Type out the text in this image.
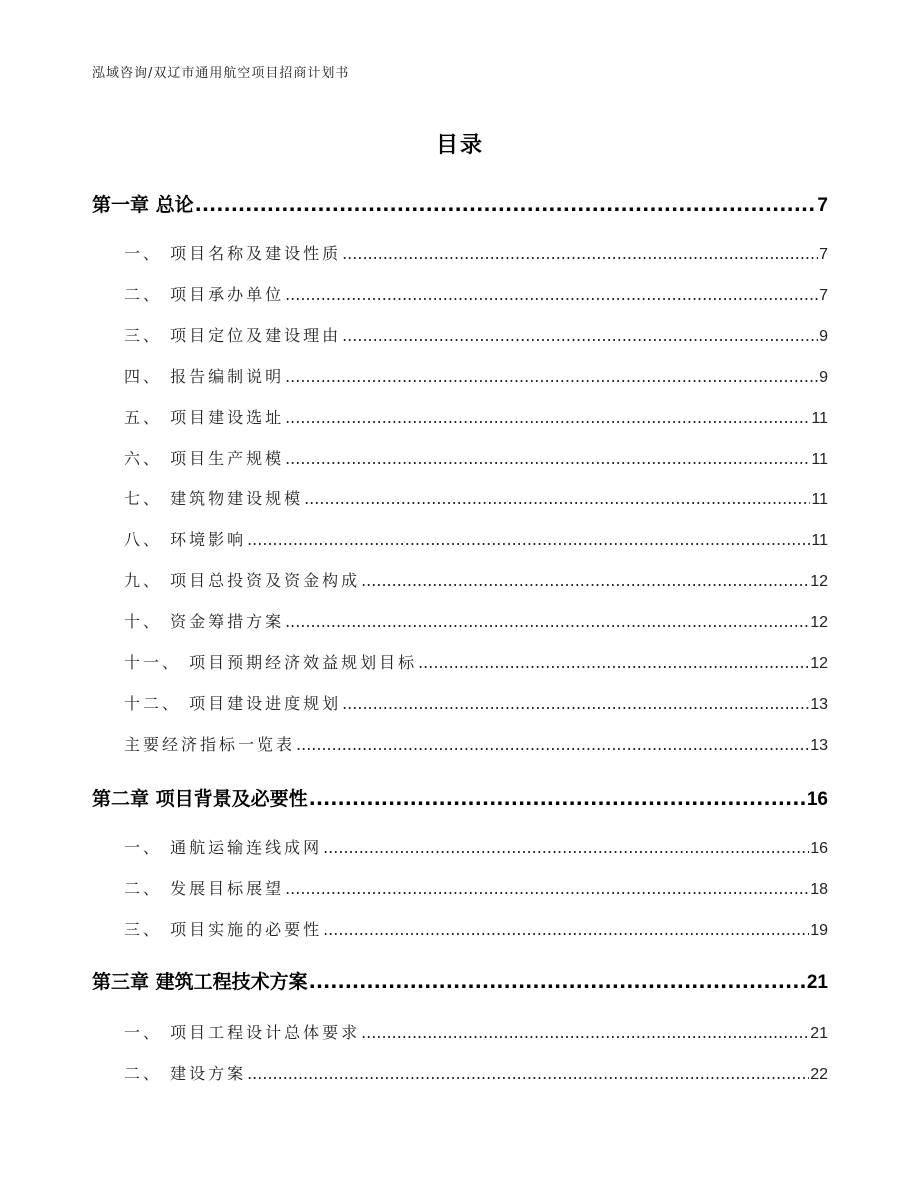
泓域咨询/双辽市通用航空项目招商计划书
目录
第一章 总论 .....	7
一、 项目名称及建设性质 .....	7
二、 项目承办单位 .....	7
三、 项目定位及建设理由 .....	9
四、 报告编制说明 .....	9
五、 项目建设选址 .....	11
六、 项目生产规模 .....	11
七、 建筑物建设规模 .....	11
八、 环境影响 .....	11
九、 项目总投资及资金构成 .....	12
十、 资金筹措方案 .....	12
十一、 项目预期经济效益规划目标 .....	12
十二、 项目建设进度规划 .....	13
主要经济指标一览表 .....	13
第二章 项目背景及必要性 .....	16
一、 通航运输连线成网 .....	16
二、 发展目标展望 .....	18
三、 项目实施的必要性 .....	19
第三章 建筑工程技术方案 .....	21
一、 项目工程设计总体要求 .....	21
二、 建设方案 .....	22
